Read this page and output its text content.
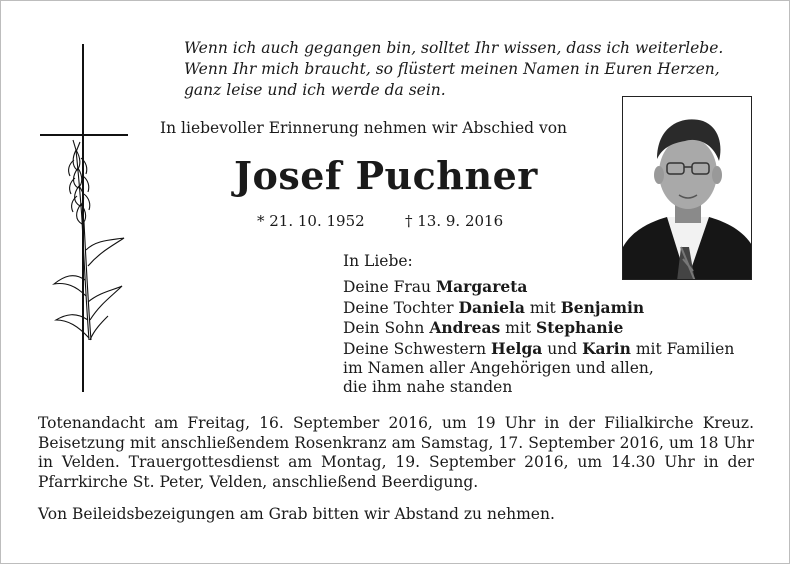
Wenn ich auch gegangen bin, solltet Ihr wissen, dass ich weiterlebe.
Wenn Ihr mich braucht, so flüstert meinen Namen in Euren Herzen,
ganz leise und ich werde da sein.
In liebevoller Erinnerung nehmen wir Abschied von
Josef Puchner
* 21. 10. 1952	† 13. 9. 2016
In Liebe:
Deine Frau Margareta
Deine Tochter Daniela mit Benjamin
Dein Sohn Andreas mit Stephanie
Deine Schwestern Helga und Karin mit Familien
im Namen aller Angehörigen und allen,
die ihm nahe standen
Totenandacht am Freitag, 16. September 2016, um 19 Uhr in der Filialkirche Kreuz. Beisetzung mit anschließendem Rosenkranz am Samstag, 17. September 2016, um 18 Uhr in Velden. Trauergottesdienst am Montag, 19. September 2016, um 14.30 Uhr in der Pfarrkirche St. Peter, Velden, anschließend Beerdigung.
Von Beileidsbezeigungen am Grab bitten wir Abstand zu nehmen.
